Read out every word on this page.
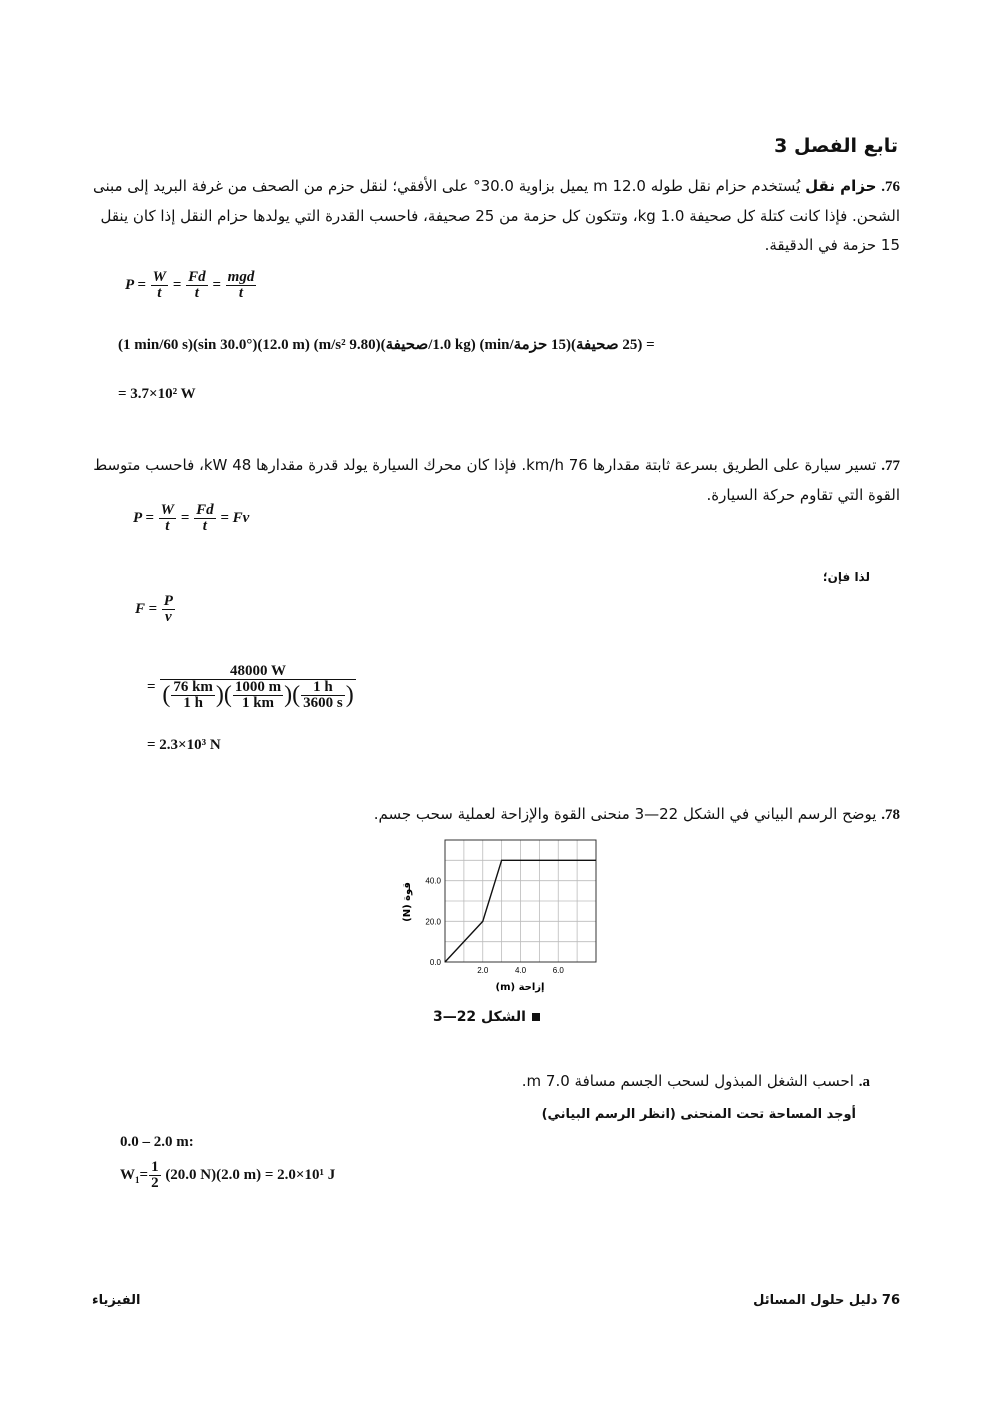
تابع الفصل 3
76. حزام نقل يُستخدم حزام نقل طوله 12.0 m يميل بزاوية 30.0° على الأفقي؛ لنقل حزم من الصحف من غرفة البريد إلى مبنى الشحن. فإذا كانت كتلة كل صحيفة 1.0 kg، وتتكون كل حزمة من 25 صحيفة، فاحسب القدرة التي يولدها حزام النقل إذا كان ينقل 15 حزمة في الدقيقة.
$P = \frac{W}{t} = \frac{Fd}{t} = \frac{\text{mgd}}{t}$
= (25 صحيفة)(15 حزمة/min) (1.0 kg/صحيفة)(9.80 m/s²) (12.0 m)(sin 30.0°)(1 min/60 s)
= 3.7×10² W
77. تسير سيارة على الطريق بسرعة ثابتة مقدارها 76 km/h. فإذا كان محرك السيارة يولد قدرة مقدارها 48 kW، فاحسب متوسط القوة التي تقاوم حركة السيارة.
$P = \frac{W}{t} = \frac{Fd}{t} = Fv$
لذا فإن؛
$F = \frac{P}{v}$
= $\frac{48000 W}{( \frac{76 km}{1 h} )( \frac{1000 m}{1 km} )( \frac{1 h}{3600 s} )}$
= 2.3×10³ N
78. يوضح الرسم البياني في الشكل 22—3 منحنى القوة والإزاحة لعملية سحب جسم.
2.0	4.0	6.0
0.0
20.0
40.0
إزاحة (m)
قوة (N)
الشكل 22—3
a. احسب الشغل المبذول لسحب الجسم مسافة 7.0 m.
أوجد المساحة تحت المنحنى (انظر الرسم البياني)
0.0 – 2.0 m:
$W_1= \frac{1}{2} (20.0$ N)(2.0 m) = 2.0×10¹ J
76 دليل حلول المسائل
الفيزياء
